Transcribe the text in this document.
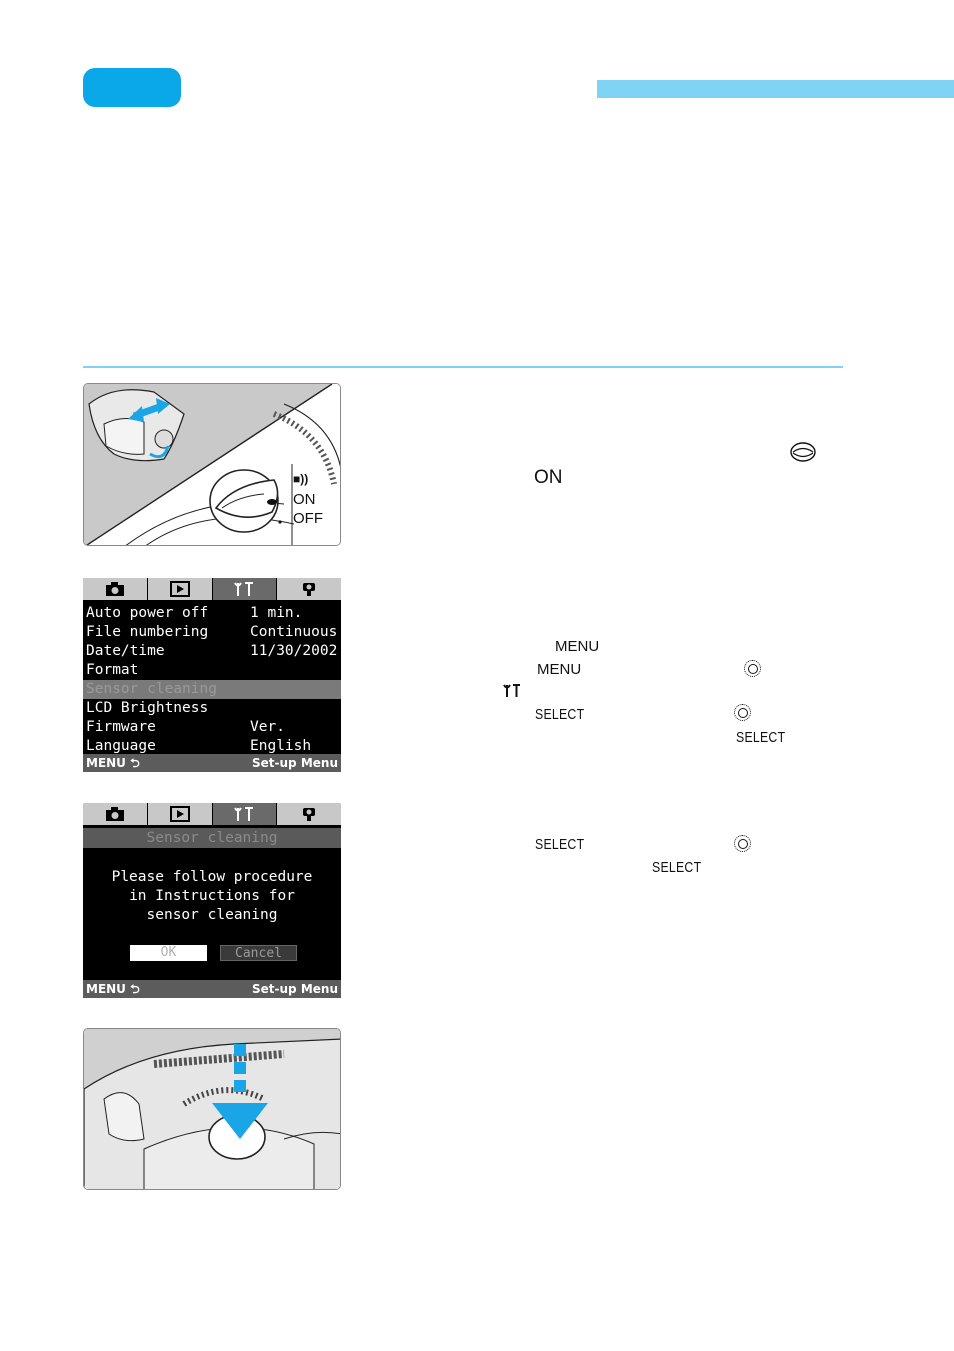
■))
ON
OFF
ON

Auto power off	1 min.

File numbering	Continuous

Date/time	11/30/2002

Format

Sensor cleaning

LCD Brightness

Firmware	Ver.

Language	English

MENU ⮌	Set-up Menu
MENU
MENU
SELECT
SELECT
Sensor cleaning
Please follow procedure
in Instructions for
sensor cleaning
OK	Cancel
MENU ⮌	Set-up Menu
SELECT
SELECT
